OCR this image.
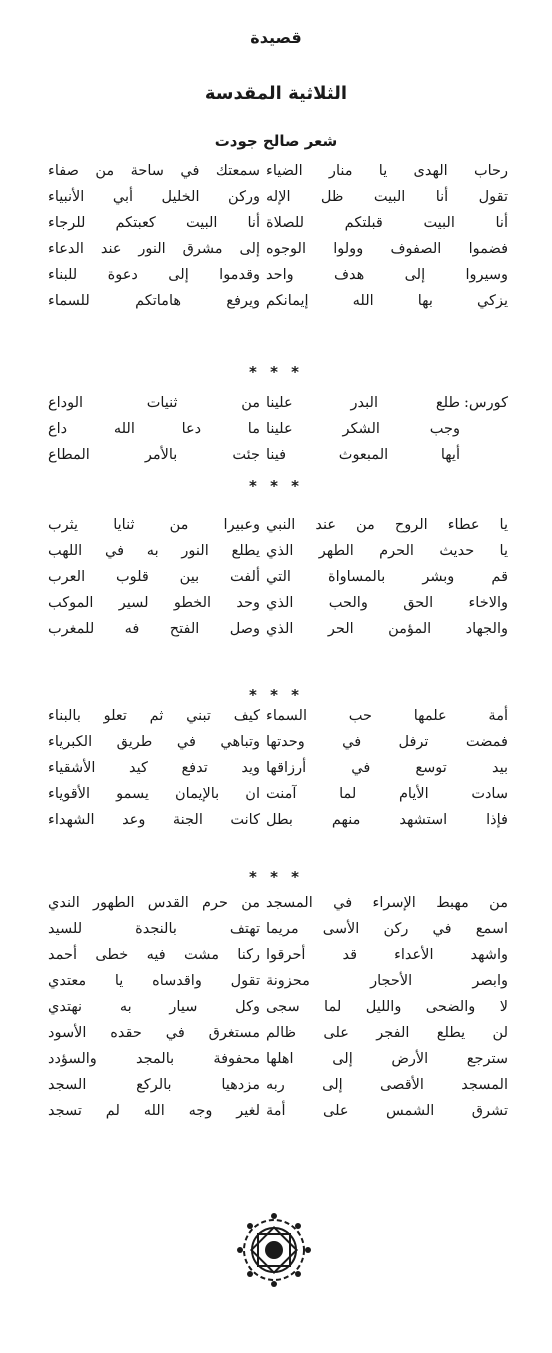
قصيدة
الثلاثية المقدسة
شعر صالح جودت
رحاب الهدى يا منار الضياء
سمعتك في ساحة من صفاء
تقول أنا البيت ظل الإله
وركن الخليل أبي الأنبياء
أنا البيت قبلتكم للصلاة
أنا البيت كعبتكم للرجاء
فضموا الصفوف وولوا الوجوه
إلى مشرق النور عند الدعاء
وسيروا إلى هدف واحد
وقدموا إلى دعوة للبناء
يزكي بها الله إيمانكم
ويرفع هاماتكم للسماء
* * *
كورس:
طلع البدر علينا
من ثنيات الوداع
وجب الشكر علينا
ما دعا الله داع
أيها المبعوث فينا
جئت بالأمر المطاع
* * *
يا عطاء الروح من عند النبي
وعبيرا من ثنايا يثرب
يا حديث الحرم الطهر الذي
يطلع النور به في اللهب
قم وبشر بالمساواة التي
ألفت بين قلوب العرب
والاخاء الحق والحب الذي
وحد الخطو لسير الموكب
والجهاد المؤمن الحر الذي
وصل الفتح فه للمغرب
* * *
أمة علمها حب السماء
كيف تبني ثم تعلو بالبناء
فمضت ترفل في وحدتها
وتباهي في طريق الكبرياء
بيد توسع في أرزاقها
ويد تدفع كيد الأشقياء
سادت الأيام لما آمنت
ان بالإيمان يسمو الأقوياء
فإذا استشهد منهم بطل
كانت الجنة وعد الشهداء
* * *
من مهبط الإسراء في المسجد
من حرم القدس الطهور الندي
اسمع في ركن الأسى مريما
تهتف بالنجدة للسيد
واشهد الأعداء قد أحرقوا
ركنا مشت فيه خطى أحمد
وابصر الأحجار محزونة
تقول واقدساه يا معتدي
لا والضحى والليل لما سجى
وكل سيار به نهتدي
لن يطلع الفجر على ظالم
مستغرق في حقده الأسود
سترجع الأرض إلى اهلها
محفوفة بالمجد والسؤدد
المسجد الأقصى إلى ربه
مزدهيا بالركع السجد
تشرق الشمس على أمة
لغير وجه الله لم تسجد
